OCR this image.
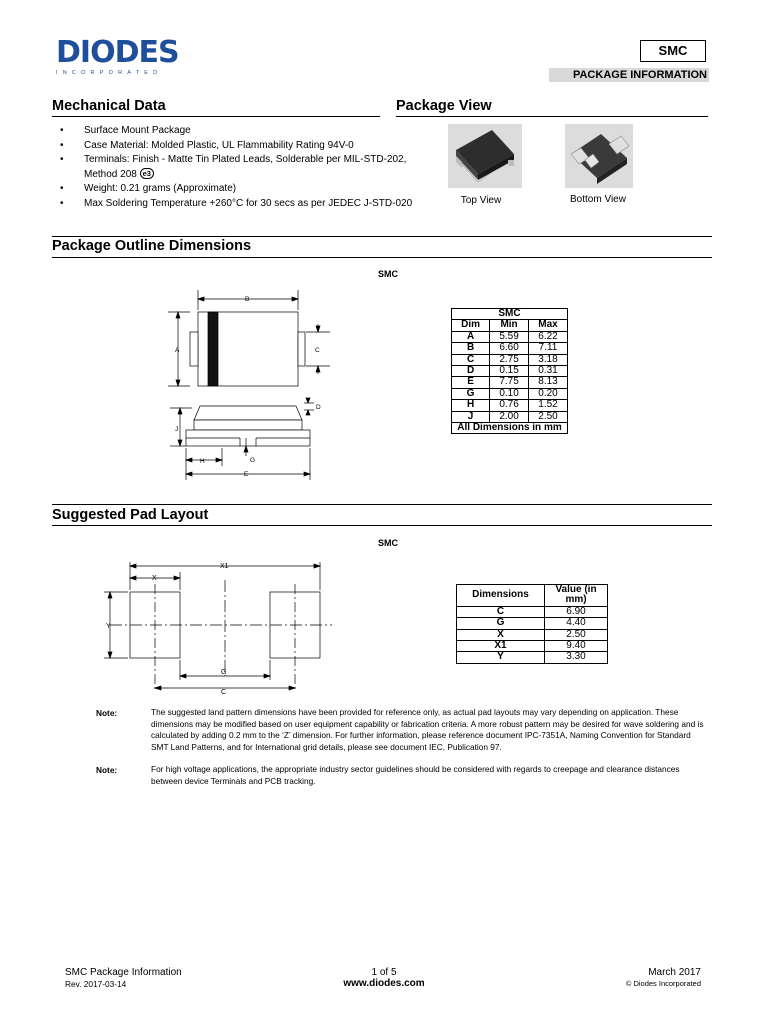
DIODES
INCORPORATED
SMC
PACKAGE INFORMATION
Mechanical Data
• Surface Mount Package
• Case Material: Molded Plastic, UL Flammability Rating 94V-0
• Terminals: Finish - Matte Tin Plated Leads, Solderable per MIL-STD-202, Method 208 e3
• Weight: 0.21 grams (Approximate)
• Max Soldering Temperature +260°C for 30 secs as per JEDEC J-STD-020
Package View
Top View	Bottom View
Package Outline Dimensions
SMC
B
A	C
D
J
H	G
E
SMC		
Dim	Min	Max
A	5.59	6.22
B	6.60	7.11
C	2.75	3.18
D	0.15	0.31
E	7.75	8.13
G	0.10	0.20
H	0.76	1.52
J	2.00	2.50
All Dimensions in mm		
Suggested Pad Layout
SMC
X1
X
Y
G
C
Dimensions	Value (in mm)
C	6.90
G	4.40
X	2.50
X1	9.40
Y	3.30
Note:	The suggested land pattern dimensions have been provided for reference only, as actual pad layouts may vary depending on application. These dimensions may be modified based on user equipment capability or fabrication criteria. A more robust pattern may be desired for wave soldering and is calculated by adding 0.2 mm to the ‘Z’ dimension. For further information, please reference document IPC-7351A, Naming Convention for Standard SMT Land Patterns, and for International grid details, please see document IEC, Publication 97.
Note:	For high voltage applications, the appropriate industry sector guidelines should be considered with regards to creepage and clearance distances between device Terminals and PCB tracking.
SMC Package Information
Rev. 2017-03-14
1 of 5
www.diodes.com
March 2017
© Diodes Incorporated
